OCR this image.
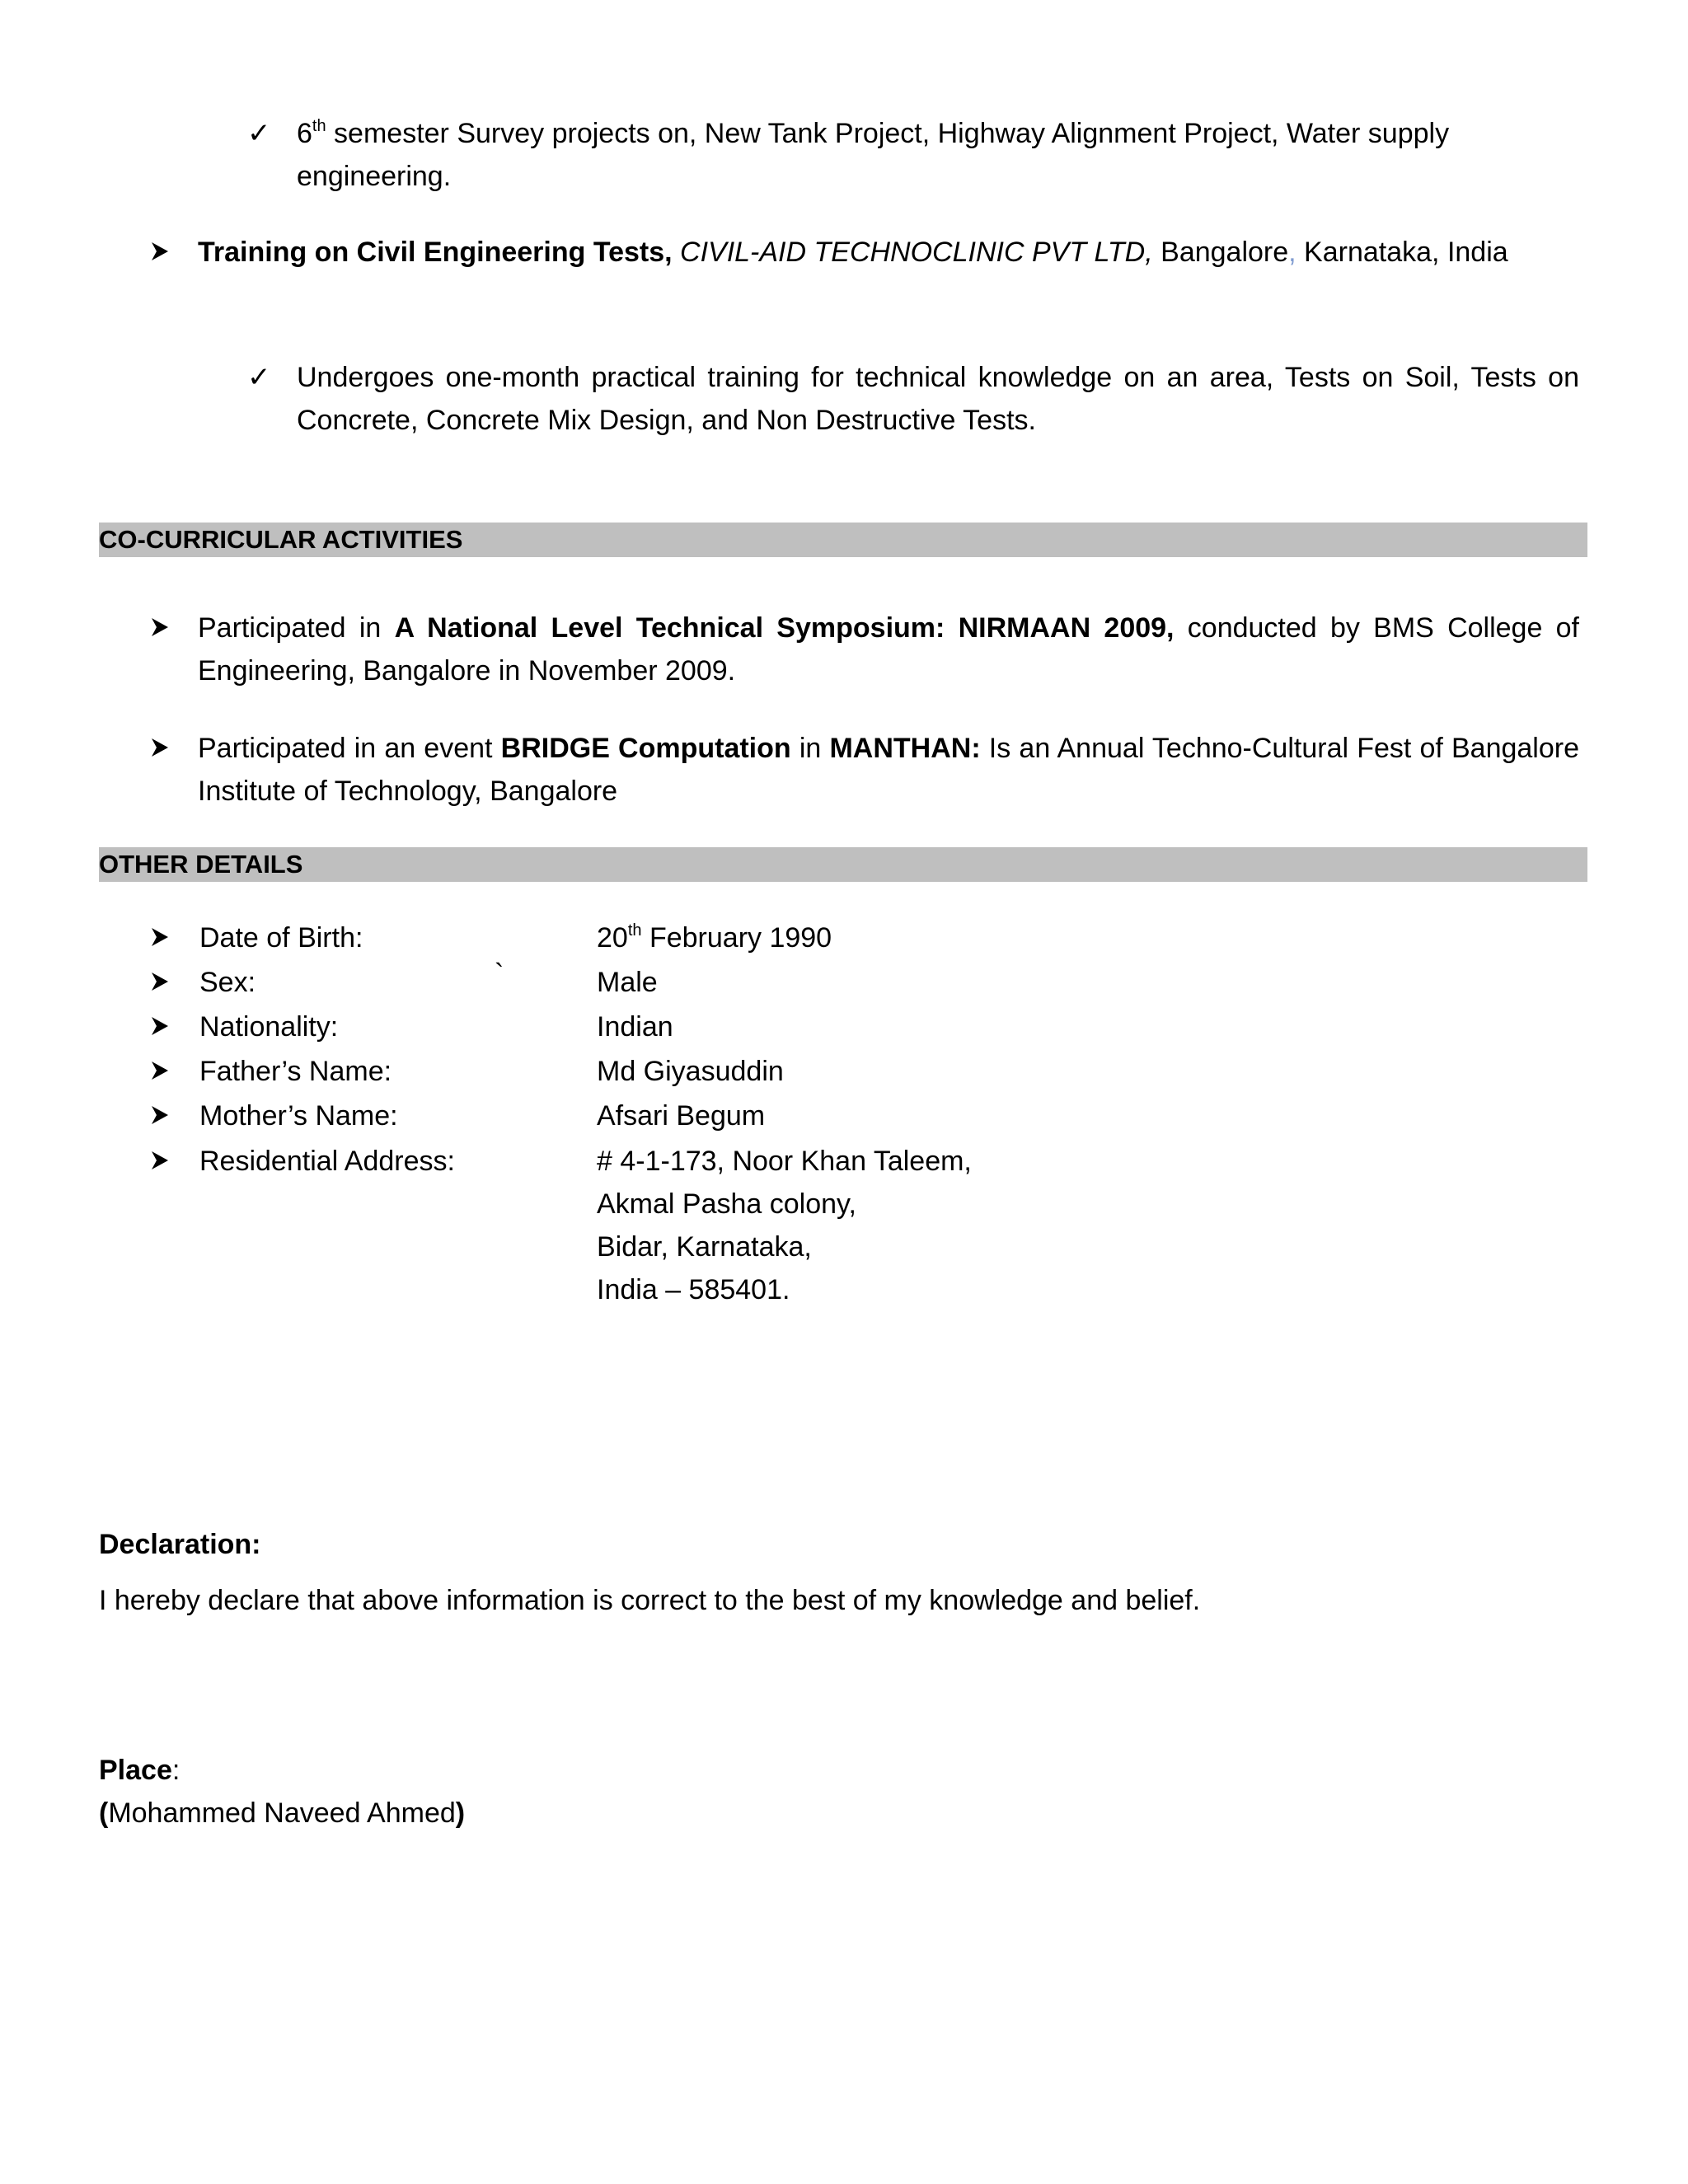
✓ 6th semester Survey projects on, New Tank Project, Highway Alignment Project, Water supply
engineering.
Training on Civil Engineering Tests, CIVIL-AID TECHNOCLINIC PVT LTD, Bangalore, Karnataka, India
✓ Undergoes one-month practical training for technical knowledge on an area, Tests on Soil, Tests on
Concrete, Concrete Mix Design, and Non Destructive Tests.
CO-CURRICULAR ACTIVITIES
Participated in A National Level Technical Symposium: NIRMAAN 2009, conducted by BMS College of
Engineering, Bangalore in November 2009.
Participated in an event BRIDGE Computation in MANTHAN: Is an Annual Techno-Cultural Fest of Bangalore
Institute of Technology, Bangalore
OTHER DETAILS
Date of Birth:	20th February 1990
Sex:	`	Male
Nationality:	Indian
Father’s Name:	Md Giyasuddin
Mother’s Name:	Afsari Begum
Residential Address:	# 4-1-173, Noor Khan Taleem,
Akmal Pasha colony,
Bidar, Karnataka,
India – 585401.
Declaration:
I hereby declare that above information is correct to the best of my knowledge and belief.
Place:
(Mohammed Naveed Ahmed)
